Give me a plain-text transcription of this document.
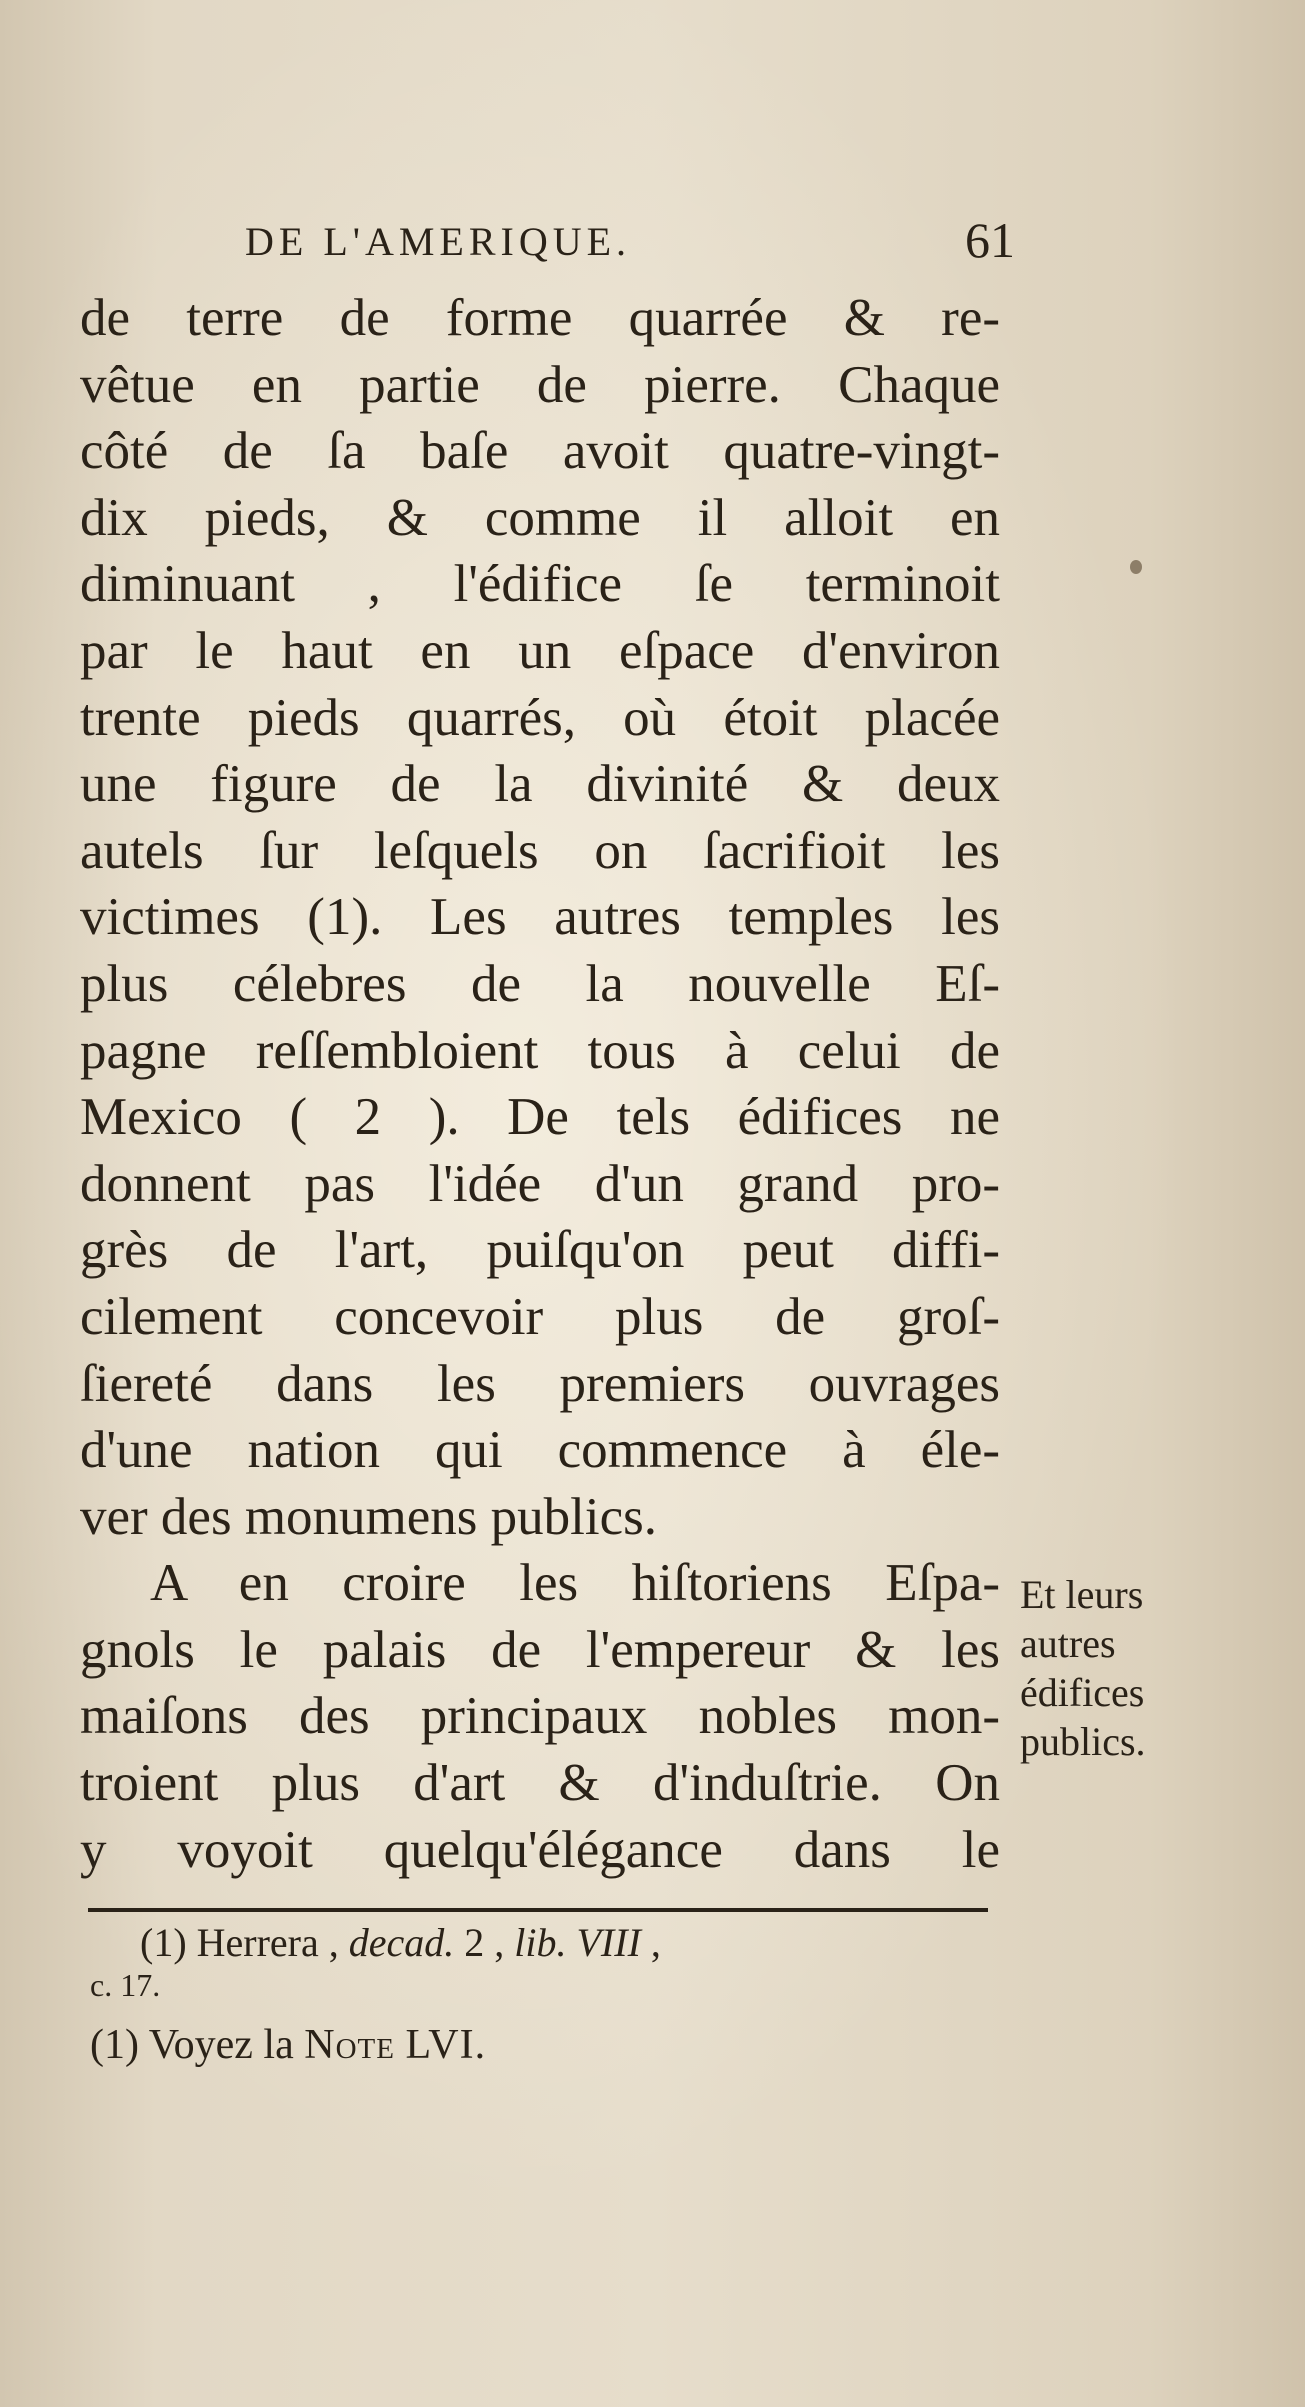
DE L'AMERIQUE.	61
de terre de forme quarrée & re-
vêtue en partie de pierre. Chaque
côté de ſa baſe avoit quatre-vingt-
dix pieds, & comme il alloit en
diminuant , l'édifice ſe terminoit
par le haut en un eſpace d'environ
trente pieds quarrés, où étoit placée
une figure de la divinité & deux
autels ſur leſquels on ſacrifioit les
victimes (1). Les autres temples les
plus célebres de la nouvelle Eſ-
pagne reſſembloient tous à celui de
Mexico ( 2 ). De tels édifices ne
donnent pas l'idée d'un grand pro-
grès de l'art, puiſqu'on peut diffi-
cilement concevoir plus de groſ-
ſiereté dans les premiers ouvrages
d'une nation qui commence à éle-
ver des monumens publics.
A en croire les hiſtoriens Eſpa-
gnols le palais de l'empereur & les
maiſons des principaux nobles mon-
troient plus d'art & d'induſtrie. On
y voyoit quelqu'élégance dans le
Et leurs
autres
édifices
publics.
(1) Herrera , decad. 2 , lib. VIII ,
c. 17.
(1) Voyez la Note LVI.
